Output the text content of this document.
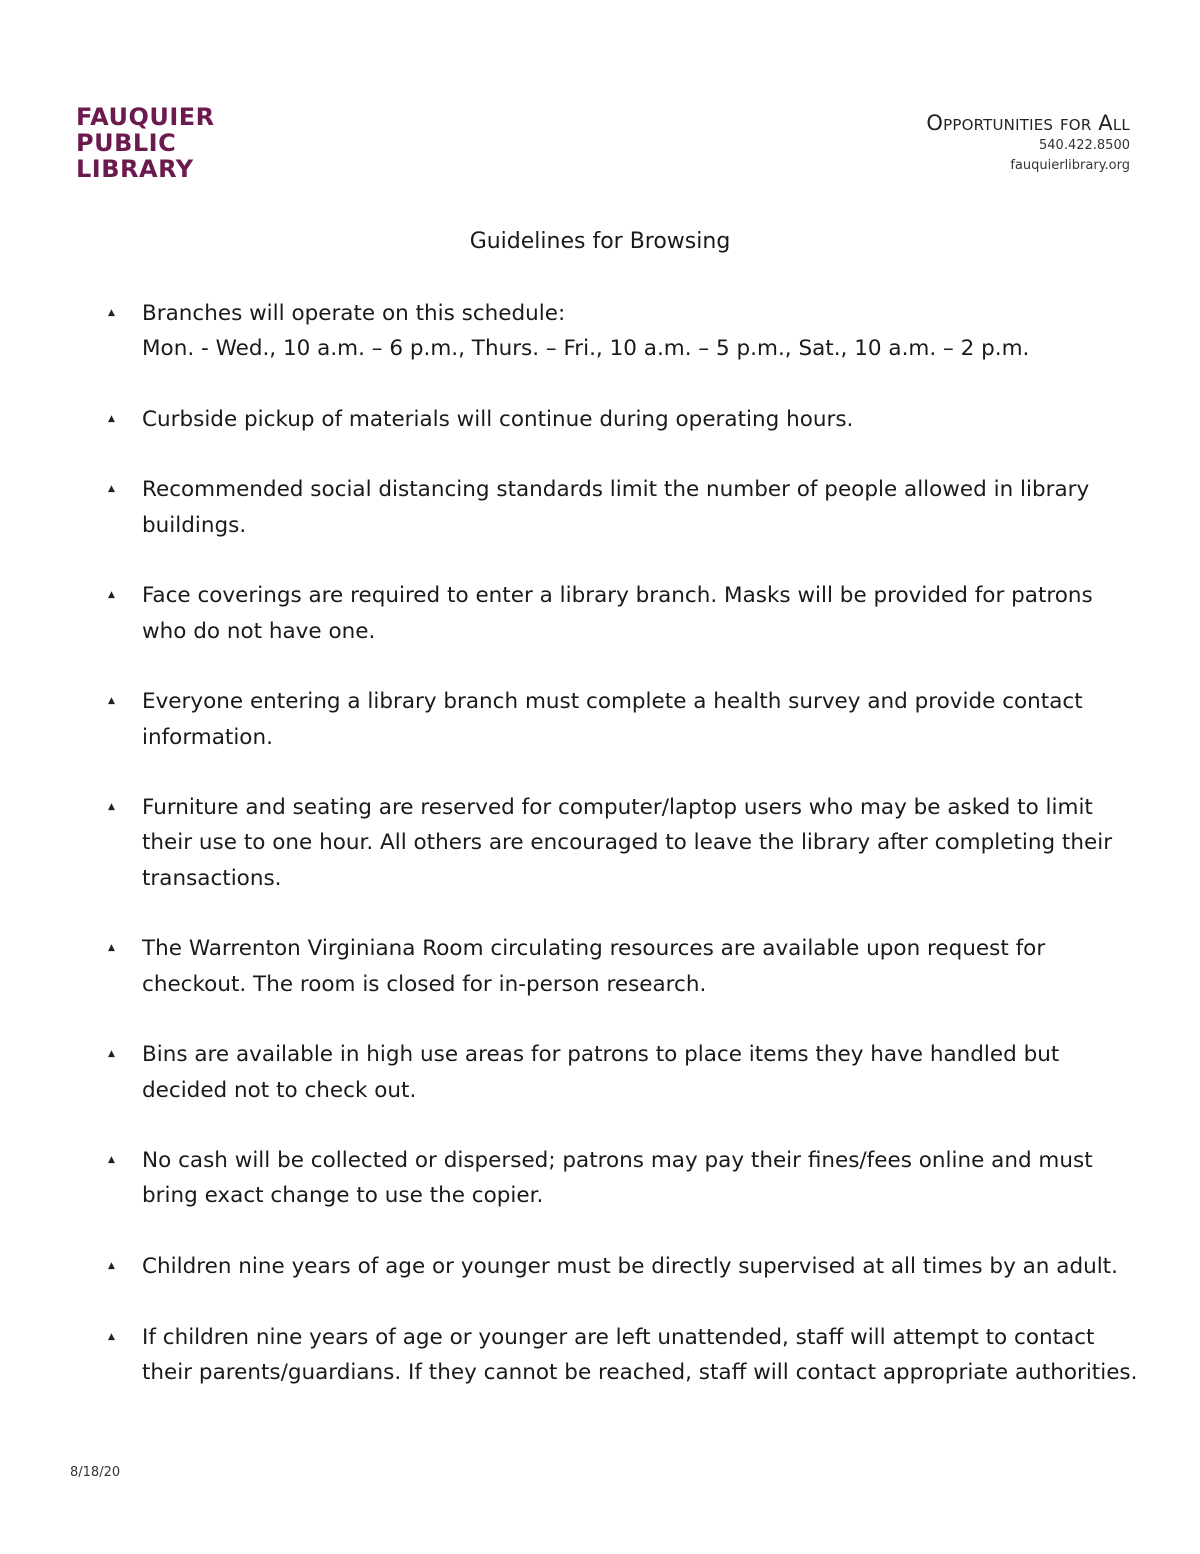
FAUQUIER
PUBLIC
LIBRARY
Opportunities for All
540.422.8500
fauquierlibrary.org
Guidelines for Browsing
▲ Branches will operate on this schedule:
Mon. - Wed., 10 a.m. – 6 p.m., Thurs. – Fri., 10 a.m. – 5 p.m., Sat., 10 a.m. – 2 p.m.
▲ Curbside pickup of materials will continue during operating hours.
▲ Recommended social distancing standards limit the number of people allowed in library buildings.
▲ Face coverings are required to enter a library branch. Masks will be provided for patrons who do not have one.
▲ Everyone entering a library branch must complete a health survey and provide contact information.
▲ Furniture and seating are reserved for computer/laptop users who may be asked to limit their use to one hour. All others are encouraged to leave the library after completing their transactions.
▲ The Warrenton Virginiana Room circulating resources are available upon request for checkout. The room is closed for in-person research.
▲ Bins are available in high use areas for patrons to place items they have handled but decided not to check out.
▲ No cash will be collected or dispersed; patrons may pay their fines/fees online and must bring exact change to use the copier.
▲ Children nine years of age or younger must be directly supervised at all times by an adult.
▲ If children nine years of age or younger are left unattended, staff will attempt to contact their parents/guardians. If they cannot be reached, staff will contact appropriate authorities.
8/18/20
